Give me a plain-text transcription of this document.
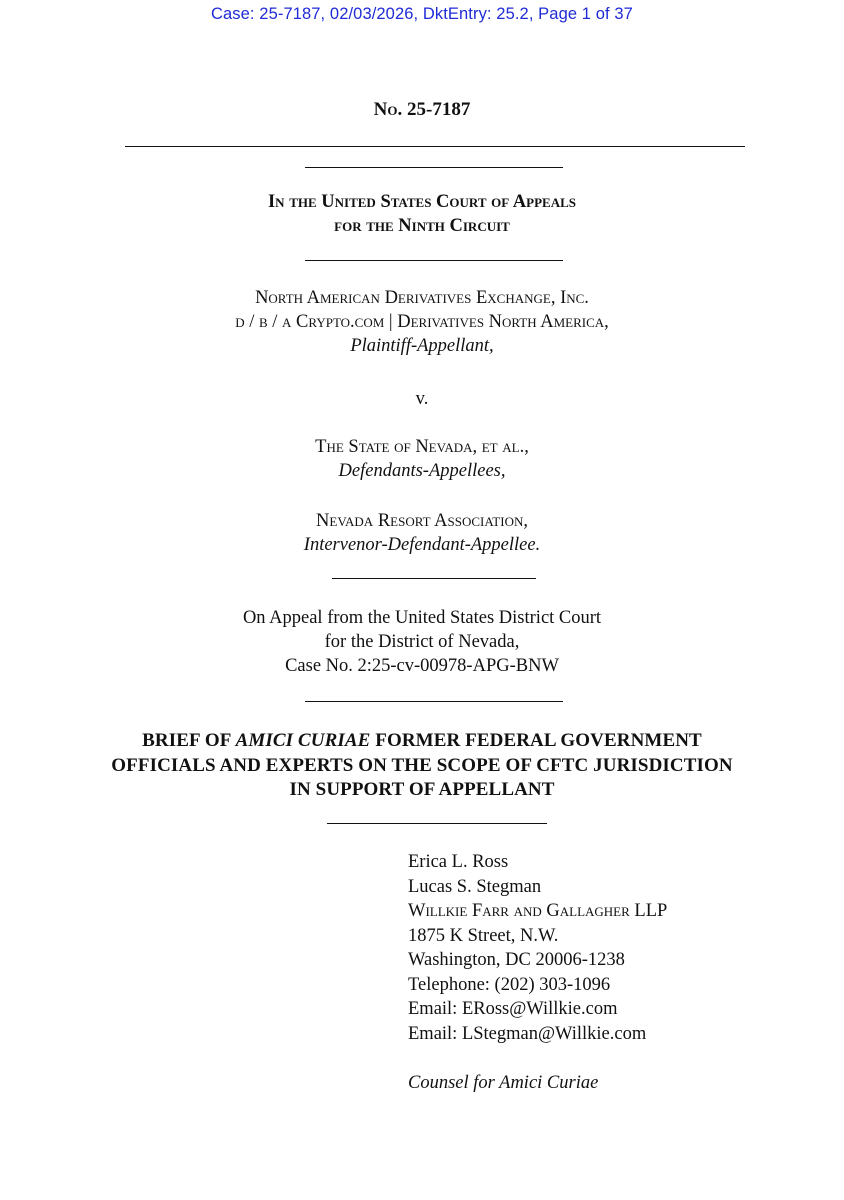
Case: 25-7187, 02/03/2026, DktEntry: 25.2, Page 1 of 37
No. 25-7187
In the United States Court of Appeals
for the Ninth Circuit
North American Derivatives Exchange, Inc.
d / b / a Crypto.com | Derivatives North America,
Plaintiff-Appellant,
v.
The State of Nevada, et al.,
Defendants-Appellees,
Nevada Resort Association,
Intervenor-Defendant-Appellee.
On Appeal from the United States District Court
for the District of Nevada,
Case No. 2:25-cv-00978-APG-BNW
BRIEF OF AMICI CURIAE FORMER FEDERAL GOVERNMENT
OFFICIALS AND EXPERTS ON THE SCOPE OF CFTC JURISDICTION
IN SUPPORT OF APPELLANT
Erica L. Ross
Lucas S. Stegman
Willkie Farr and Gallagher LLP
1875 K Street, N.W.
Washington, DC 20006-1238
Telephone: (202) 303-1096
Email: ERoss@Willkie.com
Email: LStegman@Willkie.com
Counsel for Amici Curiae
